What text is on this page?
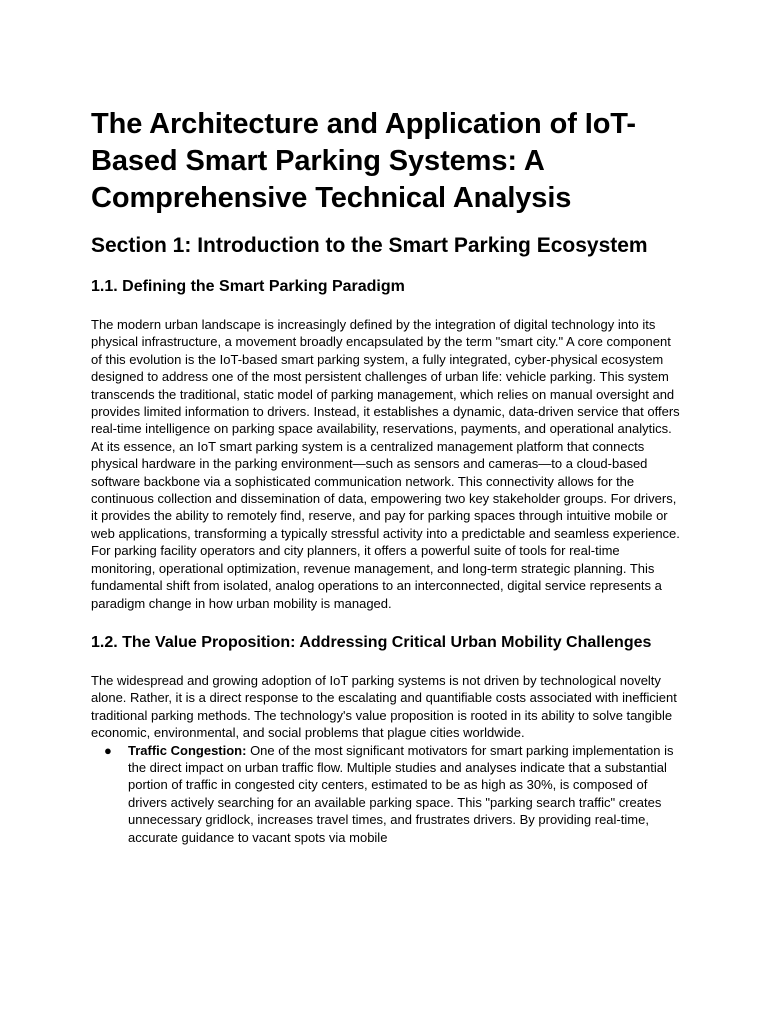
The Architecture and Application of IoT-Based Smart Parking Systems: A Comprehensive Technical Analysis
Section 1: Introduction to the Smart Parking Ecosystem
1.1. Defining the Smart Parking Paradigm

The modern urban landscape is increasingly defined by the integration of digital technology into its physical infrastructure, a movement broadly encapsulated by the term "smart city." A core component of this evolution is the IoT-based smart parking system, a fully integrated, cyber-physical ecosystem designed to address one of the most persistent challenges of urban life: vehicle parking. This system transcends the traditional, static model of parking management, which relies on manual oversight and provides limited information to drivers. Instead, it establishes a dynamic, data-driven service that offers real-time intelligence on parking space availability, reservations, payments, and operational analytics.

At its essence, an IoT smart parking system is a centralized management platform that connects physical hardware in the parking environment—such as sensors and cameras—to a cloud-based software backbone via a sophisticated communication network. This connectivity allows for the continuous collection and dissemination of data, empowering two key stakeholder groups. For drivers, it provides the ability to remotely find, reserve, and pay for parking spaces through intuitive mobile or web applications, transforming a typically stressful activity into a predictable and seamless experience. For parking facility operators and city planners, it offers a powerful suite of tools for real-time monitoring, operational optimization, revenue management, and long-term strategic planning. This fundamental shift from isolated, analog operations to an interconnected, digital service represents a paradigm change in how urban mobility is managed.

1.2. The Value Proposition: Addressing Critical Urban Mobility Challenges

The widespread and growing adoption of IoT parking systems is not driven by technological novelty alone. Rather, it is a direct response to the escalating and quantifiable costs associated with inefficient traditional parking methods. The technology's value proposition is rooted in its ability to solve tangible economic, environmental, and social problems that plague cities worldwide.

● Traffic Congestion: One of the most significant motivators for smart parking implementation is the direct impact on urban traffic flow. Multiple studies and analyses indicate that a substantial portion of traffic in congested city centers, estimated to be as high as 30%, is composed of drivers actively searching for an available parking space. This "parking search traffic" creates unnecessary gridlock, increases travel times, and frustrates drivers. By providing real-time, accurate guidance to vacant spots via mobile
